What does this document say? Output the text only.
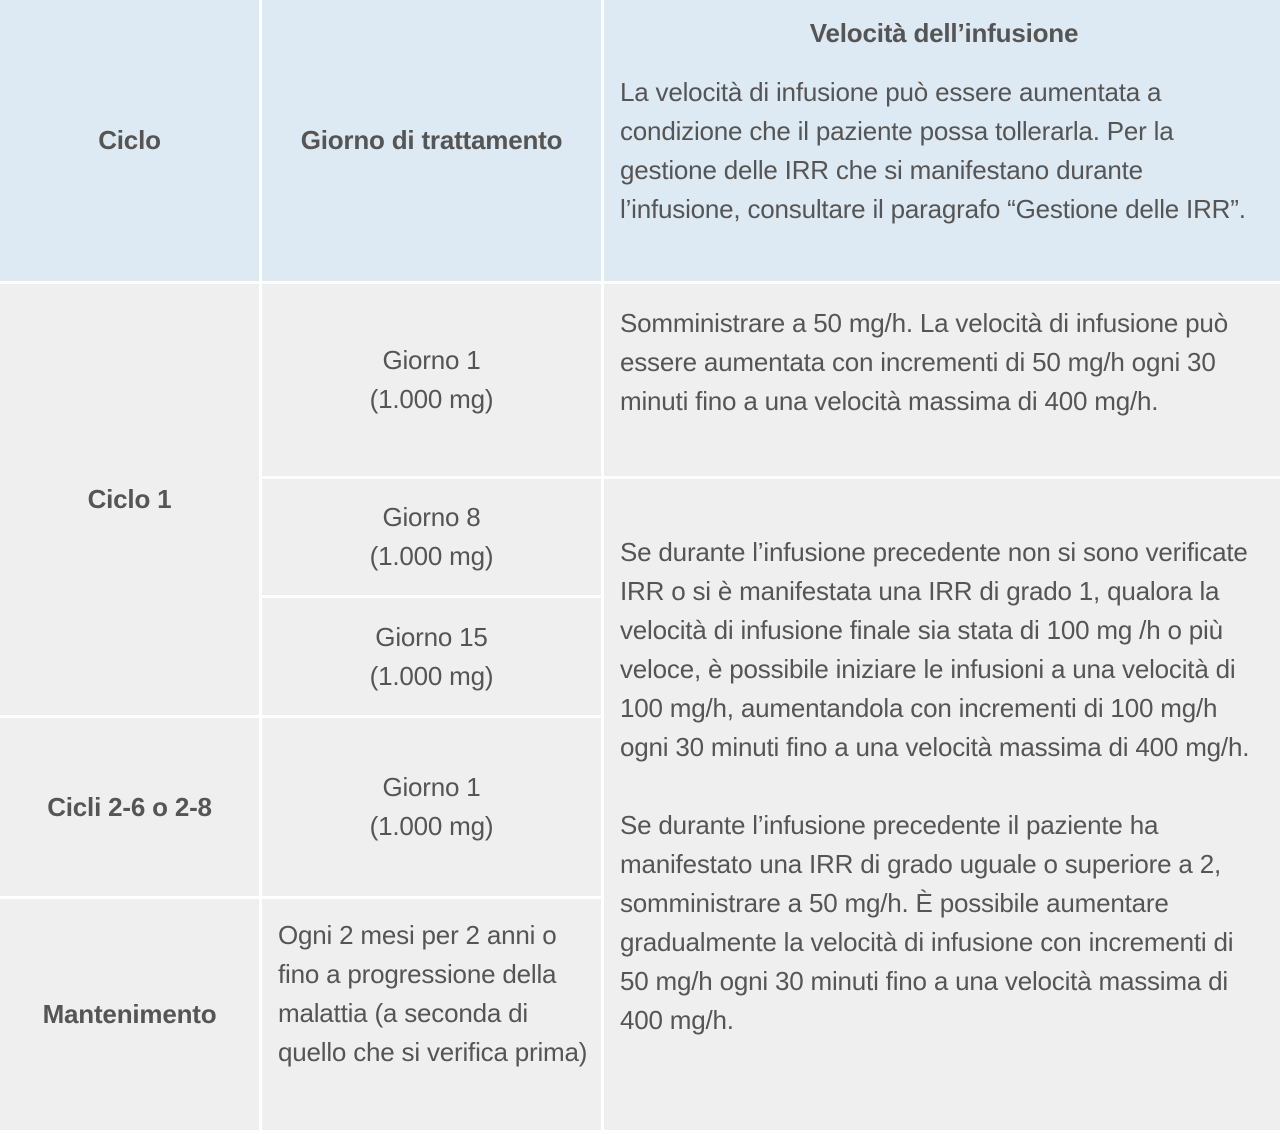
Ciclo	Giorno di trattamento
Velocità dell’infusione

La velocità di infusione può essere aumentata a condizione che il paziente possa tollerarla. Per la gestione delle IRR che si manifestano durante l’infusione, consultare il paragrafo “Gestione delle IRR”.

Ciclo 1
Cicli 2-6 o 2-8
Mantenimento
Giorno 1
(1.000 mg)
Giorno 8
(1.000 mg)
Giorno 15
(1.000 mg)
Giorno 1
(1.000 mg)

Ogni 2 mesi per 2 anni o fino a progressione della malattia (a seconda di quello che si verifica prima)

Somministrare a 50 mg/h. La velocità di infusione può essere aumentata con incrementi di 50 mg/h ogni 30 minuti fino a una velocità massima di 400 mg/h.

Se durante l’infusione precedente non si sono verificate IRR o si è manifestata una IRR di grado 1, qualora la velocità di infusione finale sia stata di 100 mg /h o più veloce, è possibile iniziare le infusioni a una velocità di 100 mg/h, aumentandola con incrementi di 100 mg/h ogni 30 minuti fino a una velocità massima di 400 mg/h.

Se durante l’infusione precedente il paziente ha manifestato una IRR di grado uguale o superiore a 2, somministrare a 50 mg/h. È possibile aumentare gradualmente la velocità di infusione con incrementi di 50 mg/h ogni 30 minuti fino a una velocità massima di 400 mg/h.
